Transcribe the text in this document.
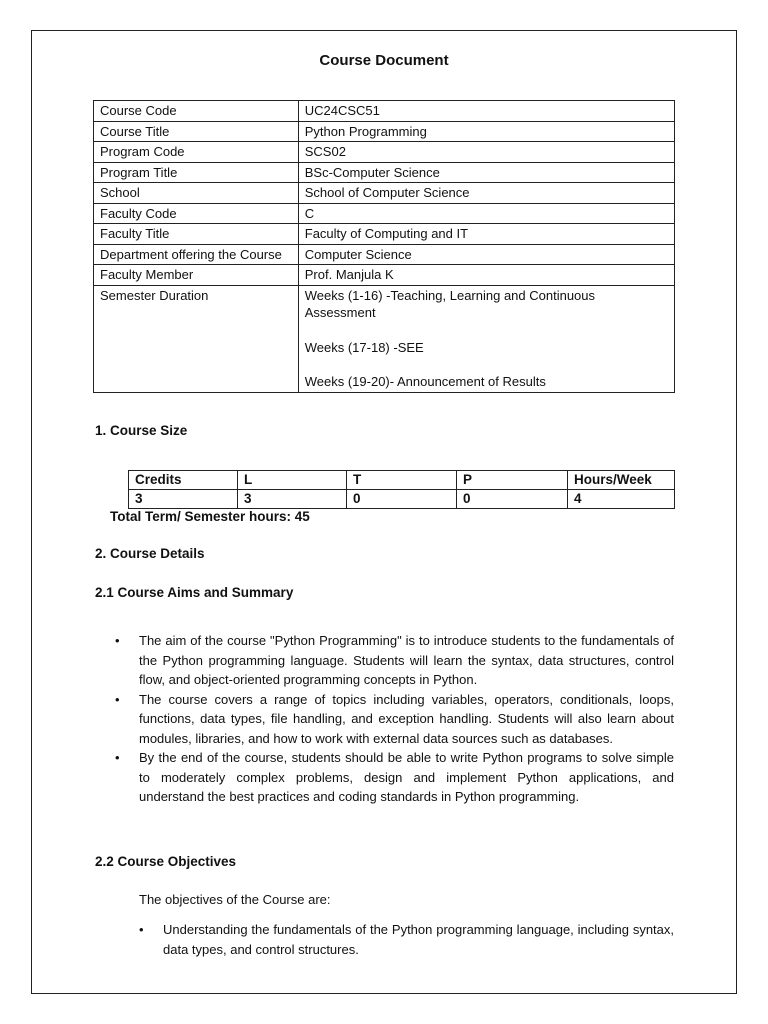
Course Document
Course Code	UC24CSC51
Course Title	Python Programming
Program Code	SCS02
Program Title	BSc-Computer Science
School	School of Computer Science
Faculty Code	C
Faculty Title	Faculty of Computing and IT
Department offering the Course	Computer Science
Faculty Member	Prof. Manjula K
Semester Duration	Weeks (1-16) -Teaching, Learning and Continuous Assessment
Weeks (17-18) -SEE
Weeks (19-20)- Announcement of Results
1. Course Size
Credits	L	T	P	Hours/Week
3	3	0	0	4
Total Term/ Semester hours: 45
2. Course Details
2.1 Course Aims and Summary
• The aim of the course "Python Programming" is to introduce students to the fundamentals of the Python programming language. Students will learn the syntax, data structures, control flow, and object-oriented programming concepts in Python.
• The course covers a range of topics including variables, operators, conditionals, loops, functions, data types, file handling, and exception handling. Students will also learn about modules, libraries, and how to work with external data sources such as databases.
• By the end of the course, students should be able to write Python programs to solve simple to moderately complex problems, design and implement Python applications, and understand the best practices and coding standards in Python programming.
2.2 Course Objectives
The objectives of the Course are:
• Understanding the fundamentals of the Python programming language, including syntax, data types, and control structures.
